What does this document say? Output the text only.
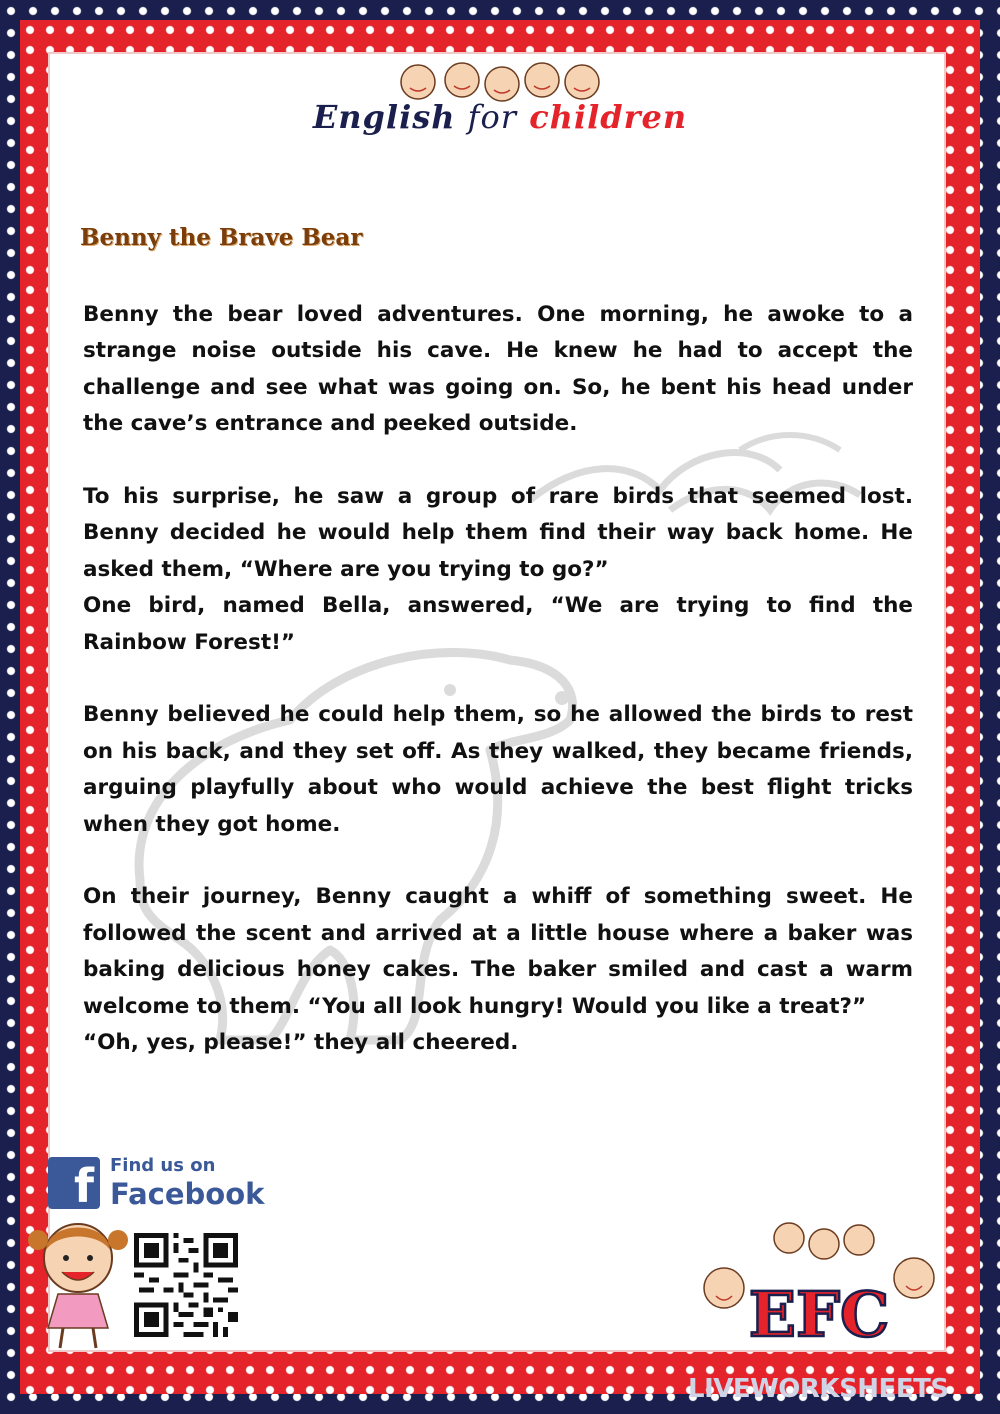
English for children
Benny the Brave Bear

Benny the bear loved adventures. One morning, he awoke to a strange noise outside his cave. He knew he had to accept the challenge and see what was going on. So, he bent his head under the cave’s entrance and peeked outside.

To his surprise, he saw a group of rare birds that seemed lost. Benny decided he would help them find their way back home. He asked them, “Where are you trying to go?”

One bird, named Bella, answered, “We are trying to find the Rainbow Forest!”

Benny believed he could help them, so he allowed the birds to rest on his back, and they set off. As they walked, they became friends, arguing playfully about who would achieve the best flight tricks when they got home.

On their journey, Benny caught a whiff of something sweet. He followed the scent and arrived at a little house where a baker was baking delicious honey cakes. The baker smiled and cast a warm welcome to them. “You all look hungry! Would you like a treat?”

“Oh, yes, please!” they all cheered.

f Find us on
Facebook
EFC
LIVEWORKSHEETS
